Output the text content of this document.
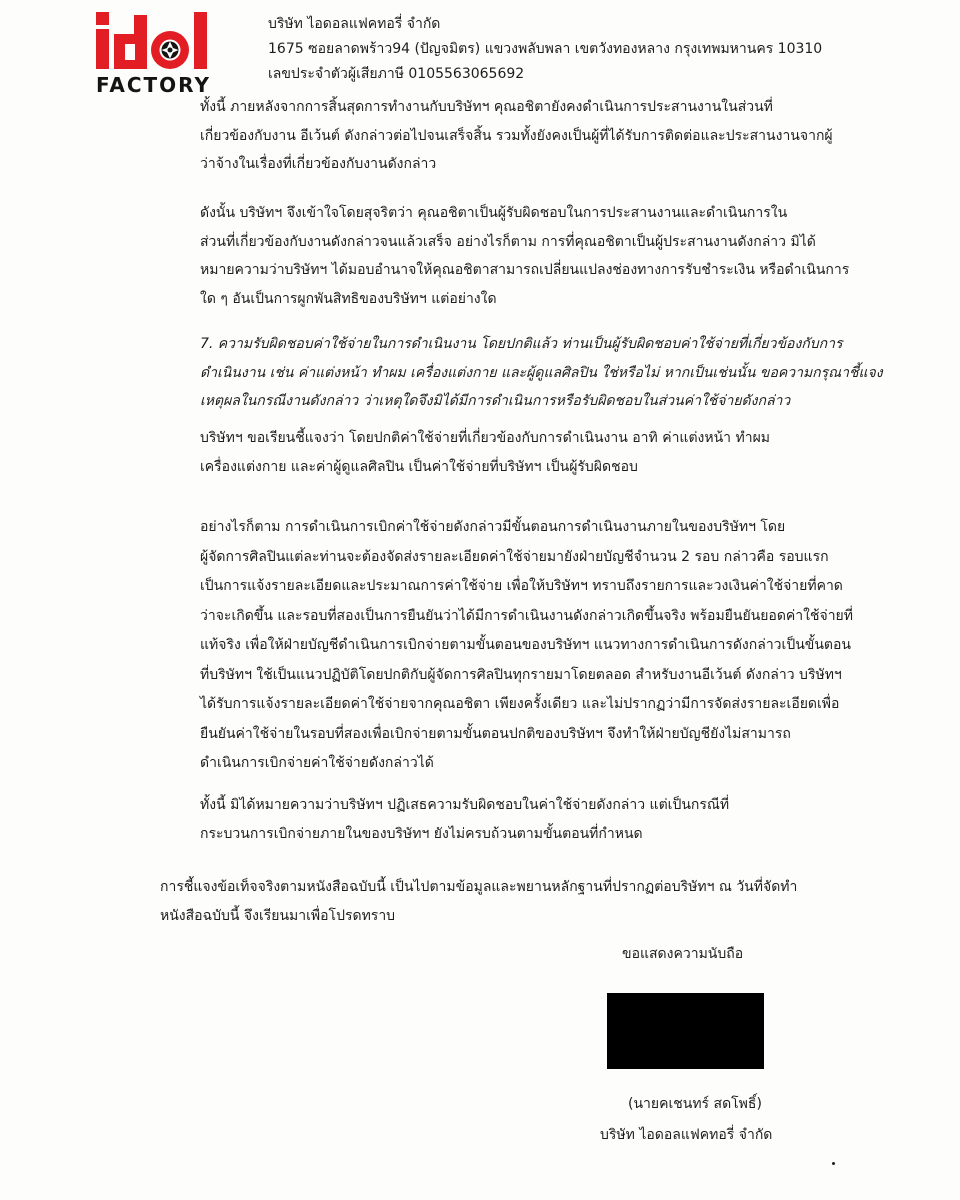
FACTORY
บริษัท ไอดอลแฟคทอรี่ จำกัด
1675 ซอยลาดพร้าว94 (ปัญจมิตร) แขวงพลับพลา เขตวังทองหลาง กรุงเทพมหานคร 10310
เลขประจำตัวผู้เสียภาษี 0105563065692
ทั้งนี้ ภายหลังจากการสิ้นสุดการทำงานกับบริษัทฯ คุณอชิตายังคงดำเนินการประสานงานในส่วนที่
เกี่ยวข้องกับงาน อีเว้นต์ ดังกล่าวต่อไปจนเสร็จสิ้น รวมทั้งยังคงเป็นผู้ที่ได้รับการติดต่อและประสานงานจากผู้
ว่าจ้างในเรื่องที่เกี่ยวข้องกับงานดังกล่าว
ดังนั้น บริษัทฯ จึงเข้าใจโดยสุจริตว่า คุณอชิตาเป็นผู้รับผิดชอบในการประสานงานและดำเนินการใน
ส่วนที่เกี่ยวข้องกับงานดังกล่าวจนแล้วเสร็จ อย่างไรก็ตาม การที่คุณอชิตาเป็นผู้ประสานงานดังกล่าว มิได้
หมายความว่าบริษัทฯ ได้มอบอำนาจให้คุณอชิตาสามารถเปลี่ยนแปลงช่องทางการรับชำระเงิน หรือดำเนินการ
ใด ๆ อันเป็นการผูกพันสิทธิของบริษัทฯ แต่อย่างใด
7. ความรับผิดชอบค่าใช้จ่ายในการดำเนินงาน โดยปกติแล้ว ท่านเป็นผู้รับผิดชอบค่าใช้จ่ายที่เกี่ยวข้องกับการ
ดำเนินงาน เช่น ค่าแต่งหน้า ทำผม เครื่องแต่งกาย และผู้ดูแลศิลปิน ใช่หรือไม่ หากเป็นเช่นนั้น ขอความกรุณาชี้แจง
เหตุผลในกรณีงานดังกล่าว ว่าเหตุใดจึงมิได้มีการดำเนินการหรือรับผิดชอบในส่วนค่าใช้จ่ายดังกล่าว
บริษัทฯ ขอเรียนชี้แจงว่า โดยปกติค่าใช้จ่ายที่เกี่ยวข้องกับการดำเนินงาน อาทิ ค่าแต่งหน้า ทำผม
เครื่องแต่งกาย และค่าผู้ดูแลศิลปิน เป็นค่าใช้จ่ายที่บริษัทฯ เป็นผู้รับผิดชอบ
อย่างไรก็ตาม การดำเนินการเบิกค่าใช้จ่ายดังกล่าวมีขั้นตอนการดำเนินงานภายในของบริษัทฯ โดย
ผู้จัดการศิลปินแต่ละท่านจะต้องจัดส่งรายละเอียดค่าใช้จ่ายมายังฝ่ายบัญชีจำนวน 2 รอบ กล่าวคือ รอบแรก
เป็นการแจ้งรายละเอียดและประมาณการค่าใช้จ่าย เพื่อให้บริษัทฯ ทราบถึงรายการและวงเงินค่าใช้จ่ายที่คาด
ว่าจะเกิดขึ้น และรอบที่สองเป็นการยืนยันว่าได้มีการดำเนินงานดังกล่าวเกิดขึ้นจริง พร้อมยืนยันยอดค่าใช้จ่ายที่
แท้จริง เพื่อให้ฝ่ายบัญชีดำเนินการเบิกจ่ายตามขั้นตอนของบริษัทฯ แนวทางการดำเนินการดังกล่าวเป็นขั้นตอน
ที่บริษัทฯ ใช้เป็นแนวปฏิบัติโดยปกติกับผู้จัดการศิลปินทุกรายมาโดยตลอด สำหรับงานอีเว้นต์ ดังกล่าว บริษัทฯ
ได้รับการแจ้งรายละเอียดค่าใช้จ่ายจากคุณอชิตา เพียงครั้งเดียว และไม่ปรากฏว่ามีการจัดส่งรายละเอียดเพื่อ
ยืนยันค่าใช้จ่ายในรอบที่สองเพื่อเบิกจ่ายตามขั้นตอนปกติของบริษัทฯ จึงทำให้ฝ่ายบัญชียังไม่สามารถ
ดำเนินการเบิกจ่ายค่าใช้จ่ายดังกล่าวได้
ทั้งนี้ มิได้หมายความว่าบริษัทฯ ปฏิเสธความรับผิดชอบในค่าใช้จ่ายดังกล่าว แต่เป็นกรณีที่
กระบวนการเบิกจ่ายภายในของบริษัทฯ ยังไม่ครบถ้วนตามขั้นตอนที่กำหนด
การชี้แจงข้อเท็จจริงตามหนังสือฉบับนี้ เป็นไปตามข้อมูลและพยานหลักฐานที่ปรากฏต่อบริษัทฯ ณ วันที่จัดทำ
หนังสือฉบับนี้ จึงเรียนมาเพื่อโปรดทราบ
ขอแสดงความนับถือ
(นายคเชนทร์ สดโพธิ์)
บริษัท ไอดอลแฟคทอรี่ จำกัด
